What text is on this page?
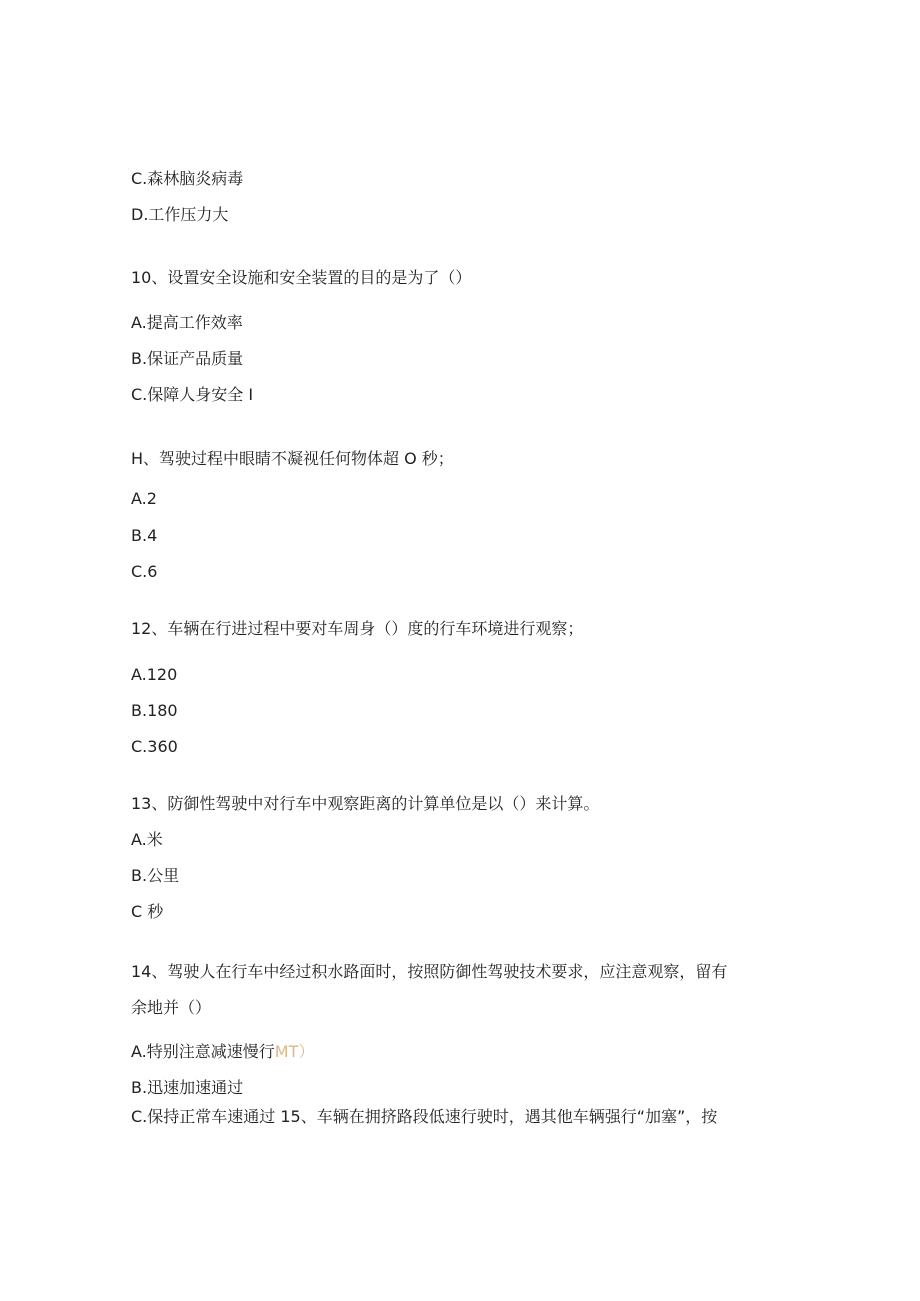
C.森林脑炎病毒
D.工作压力大
10、设置安全设施和安全装置的目的是为了（）
A.提高工作效率
B.保证产品质量
C.保障人身安全 I
H、驾驶过程中眼睛不凝视任何物体超 O 秒；
A.2
B.4
C.6
12、车辆在行进过程中要对车周身（）度的行车环境进行观察；
A.120
B.180
C.360
13、防御性驾驶中对行车中观察距离的计算单位是以（）来计算。
A.米
B.公里
C 秒
14、驾驶人在行车中经过积水路面时，按照防御性驾驶技术要求，应注意观察，留有
余地并（）
A.特别注意减速慢行MT）
B.迅速加速通过
C.保持正常车速通过 15、车辆在拥挤路段低速行驶时，遇其他车辆强行“加塞”，按
